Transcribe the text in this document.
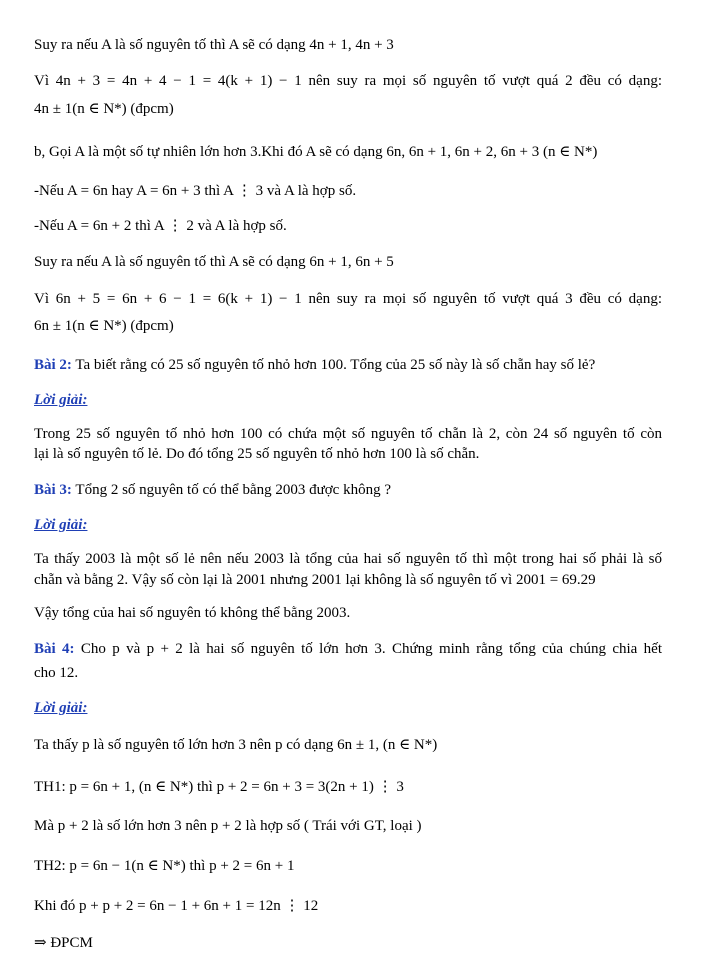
Suy ra nếu A là số nguyên tố thì A sẽ có dạng 4n + 1, 4n + 3
Vì 4n + 3 = 4n + 4 − 1 = 4(k + 1) − 1 nên suy ra mọi số nguyên tố vượt quá 2 đều có dạng:
4n ± 1(n ∈ N*) (đpcm)
b, Gọi A là một số tự nhiên lớn hơn 3.Khi đó A sẽ có dạng 6n, 6n + 1, 6n + 2, 6n + 3 (n ∈ N*)
-Nếu A = 6n hay A = 6n + 3 thì A ⋮ 3 và A là hợp số.
-Nếu A = 6n + 2 thì A ⋮ 2 và A là hợp số.
Suy ra nếu A là số nguyên tố thì A sẽ có dạng 6n + 1, 6n + 5
Vì 6n + 5 = 6n + 6 − 1 = 6(k + 1) − 1 nên suy ra mọi số nguyên tố vượt quá 3 đều có dạng:
6n ± 1(n ∈ N*) (đpcm)
Bài 2: Ta biết rằng có 25 số nguyên tố nhỏ hơn 100. Tổng của 25 số này là số chẵn hay số lẻ?
Lời giải:
Trong 25 số nguyên tố nhỏ hơn 100 có chứa một số nguyên tố chẵn là 2, còn 24 số nguyên tố còn
lại là số nguyên tố lẻ. Do đó tổng 25 số nguyên tố nhỏ hơn 100 là số chẵn.
Bài 3: Tổng 2 số nguyên tố có thể bằng 2003 được không ?
Lời giải:
Ta thấy 2003 là một số lẻ nên nếu 2003 là tổng của hai số nguyên tố thì một trong hai số phải là số
chẵn và bằng 2. Vậy số còn lại là 2001 nhưng 2001 lại không là số nguyên tố vì 2001 = 69.29
Vậy tổng của hai số nguyên tó không thể bằng 2003.
Bài 4: Cho p và p + 2 là hai số nguyên tố lớn hơn 3. Chứng minh rằng tổng của chúng chia hết
cho 12.
Lời giải:
Ta thấy p là số nguyên tố lớn hơn 3 nên p có dạng 6n ± 1, (n ∈ N*)
TH1: p = 6n + 1, (n ∈ N*) thì p + 2 = 6n + 3 = 3(2n + 1) ⋮ 3
Mà p + 2 là số lớn hơn 3 nên p + 2 là hợp số ( Trái với GT, loại )
TH2: p = 6n − 1(n ∈ N*) thì p + 2 = 6n + 1
Khi đó p + p + 2 = 6n − 1 + 6n + 1 = 12n ⋮ 12
⇒ ĐPCM
